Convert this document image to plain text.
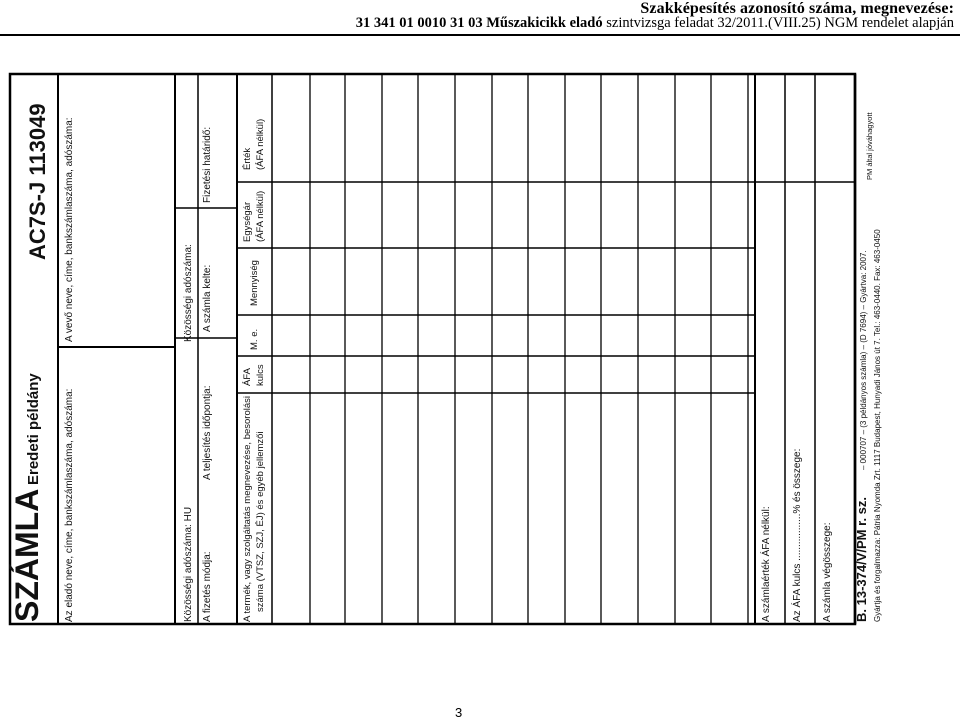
Szakképesítés azonosító száma, megnevezése:
31 341 01 0010 31 03 Műszakicikk eladó szintvizsga feladat 32/2011.(VIII.25) NGM rendelet alapján
SZÁMLA
Eredeti példány
AC7S-J 113049
Az eladó neve, címe, bankszámlaszáma, adószáma:
A vevő neve, címe, bankszámlaszáma, adószáma:
Közösségi adószáma: HU
Közösségi adószáma:
A fizetés módja:
A teljesítés időpontja:
A számla kelte:
Fizetési határidő:
A termék, vagy szolgáltatás megnevezése, besorolási száma (VTSZ, SZJ, ÉJ) és egyéb jellemzői
ÁFA kulcs
M. e.
Mennyiség
Egységár (ÁFA nélkül)
Érték (ÁFA nélkül)
A számlaérték ÁFA nélkül: Az ÁFA kulcs .................% és összege: A számla végösszege: B. 13-374/V/PM r. sz.
– 000707 – (3 példányos számla) – (D 7694) – Gyártva: 2007. Gyártja és forgalmazza: Pátria Nyomda Zrt. 1117 Budapest, Hunyadi János út 7. Tel.: 463-0440. Fax: 463-0450
PM által jóváhagyott
3
